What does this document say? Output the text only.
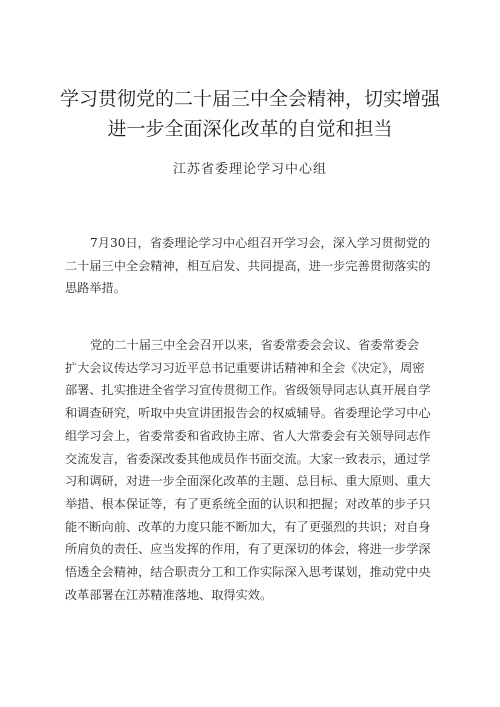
学习贯彻党的二十届三中全会精神，切实增强
进一步全面深化改革的自觉和担当
江苏省委理论学习中心组
7月30日，省委理论学习中心组召开学习会，深入学习贯彻党的
二十届三中全会精神，相互启发、共同提高，进一步完善贯彻落实的
思路举措。
党的二十届三中全会召开以来，省委常委会会议、省委常委会
扩大会议传达学习习近平总书记重要讲话精神和全会《决定》，周密
部署、扎实推进全省学习宣传贯彻工作。省级领导同志认真开展自学
和调查研究，听取中央宣讲团报告会的权威辅导。省委理论学习中心
组学习会上，省委常委和省政协主席、省人大常委会有关领导同志作
交流发言，省委深改委其他成员作书面交流。大家一致表示，通过学
习和调研，对进一步全面深化改革的主题、总目标、重大原则、重大
举措、根本保证等，有了更系统全面的认识和把握；对改革的步子只
能不断向前、改革的力度只能不断加大，有了更强烈的共识；对自身
所肩负的责任、应当发挥的作用，有了更深切的体会，将进一步学深
悟透全会精神，结合职责分工和工作实际深入思考谋划，推动党中央
改革部署在江苏精准落地、取得实效。
